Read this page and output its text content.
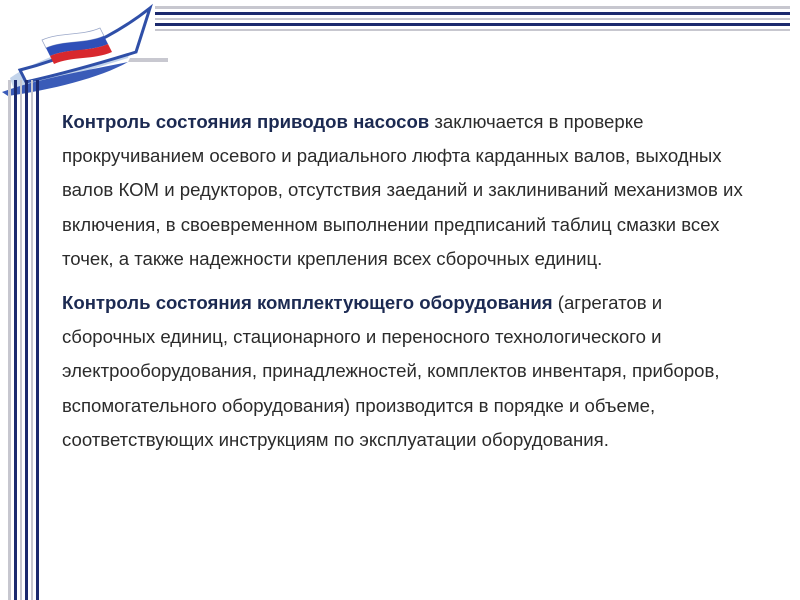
Контроль состояния приводов насосов заключается в проверке прокручиванием осевого и радиального люфта карданных валов, выходных валов КОМ и редукторов, отсутствия заеданий и заклиниваний механизмов их включения, в своевременном выполнении предписаний таблиц смазки всех точек, а также надежности крепления всех сборочных единиц.

Контроль состояния комплектующего оборудования (агрегатов и сборочных единиц, стационарного и переносного технологического и электрооборудования, принадлежностей, комплектов инвентаря, приборов, вспомогательного оборудования) производится в порядке и объеме, соответствующих инструкциям по эксплуатации оборудования.
